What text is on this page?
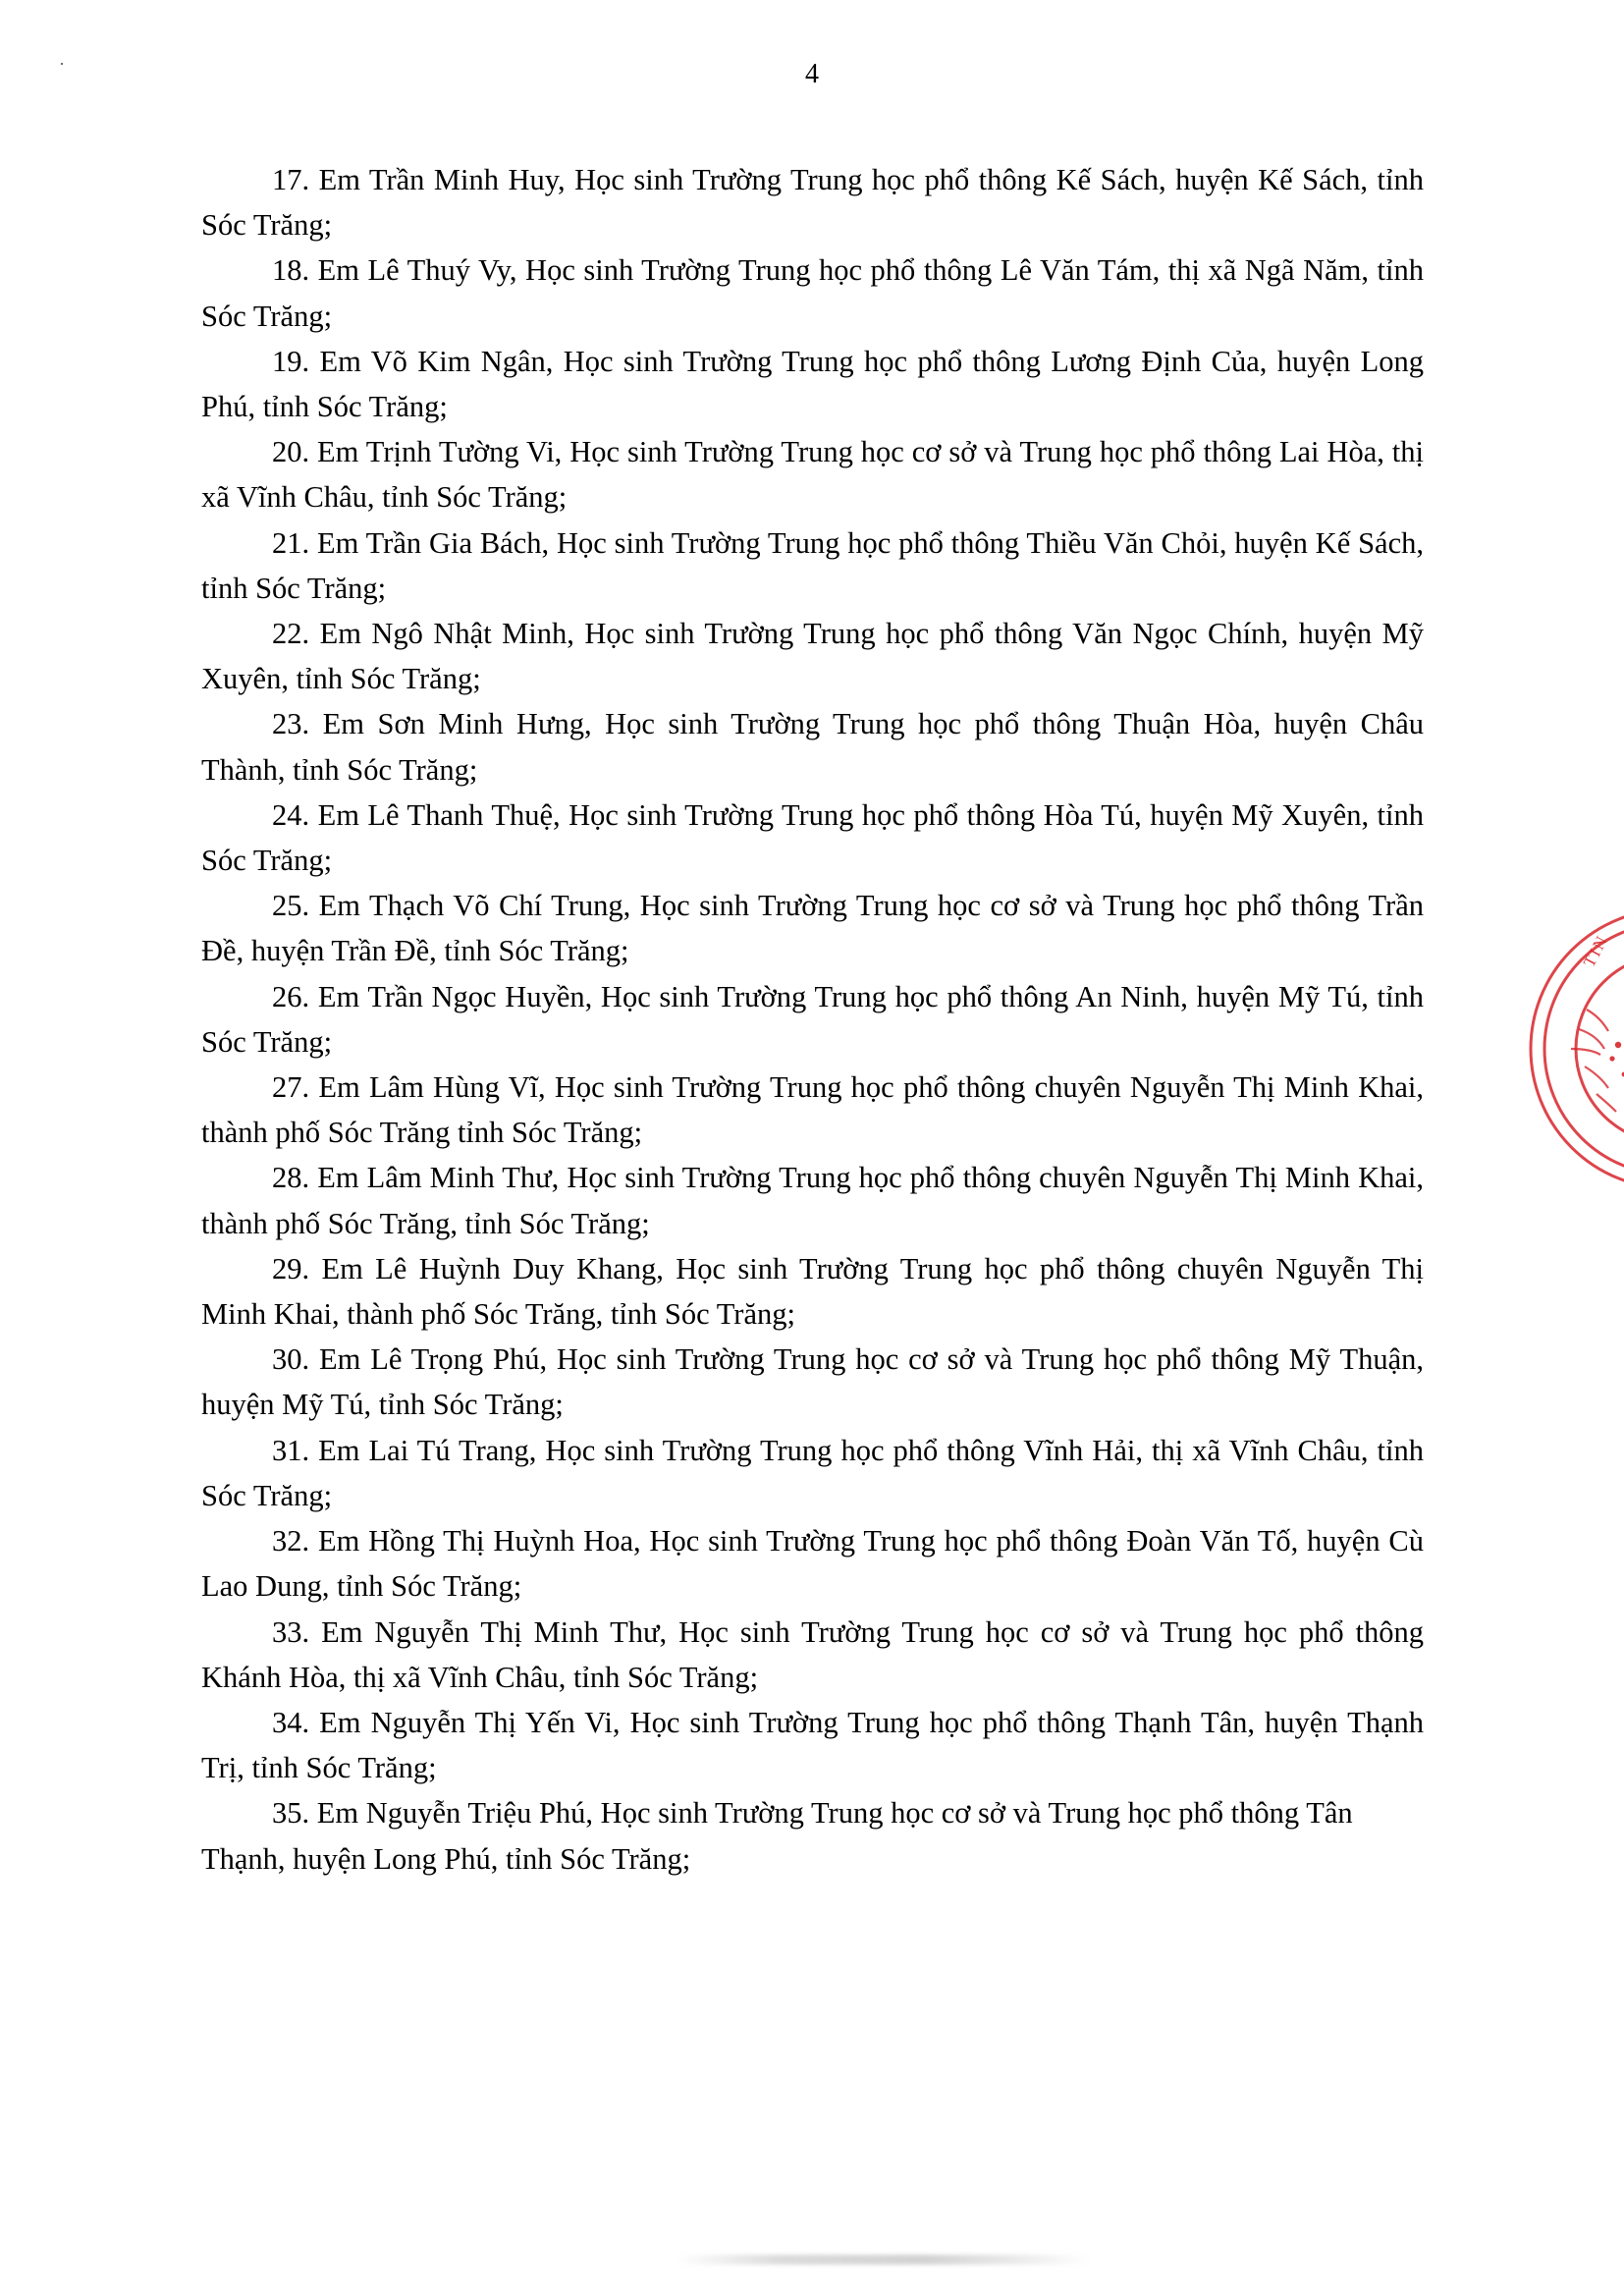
·	4

17. Em Trần Minh Huy, Học sinh Trường Trung học phổ thông Kế Sách, huyện Kế Sách, tỉnh Sóc Trăng;

18. Em Lê Thuý Vy, Học sinh Trường Trung học phổ thông Lê Văn Tám, thị xã Ngã Năm, tỉnh Sóc Trăng;

19. Em Võ Kim Ngân, Học sinh Trường Trung học phổ thông Lương Định Của, huyện Long Phú, tỉnh Sóc Trăng;

20. Em Trịnh Tường Vi, Học sinh Trường Trung học cơ sở và Trung học phổ thông Lai Hòa, thị xã Vĩnh Châu, tỉnh Sóc Trăng;

21. Em Trần Gia Bách, Học sinh Trường Trung học phổ thông Thiều Văn Chỏi, huyện Kế Sách, tỉnh Sóc Trăng;

22. Em Ngô Nhật Minh, Học sinh Trường Trung học phổ thông Văn Ngọc Chính, huyện Mỹ Xuyên, tỉnh Sóc Trăng;

23. Em Sơn Minh Hưng, Học sinh Trường Trung học phổ thông Thuận Hòa, huyện Châu Thành, tỉnh Sóc Trăng;

24. Em Lê Thanh Thuệ, Học sinh Trường Trung học phổ thông Hòa Tú, huyện Mỹ Xuyên, tỉnh Sóc Trăng;

25. Em Thạch Võ Chí Trung, Học sinh Trường Trung học cơ sở và Trung học phổ thông Trần Đề, huyện Trần Đề, tỉnh Sóc Trăng;

26. Em Trần Ngọc Huyền, Học sinh Trường Trung học phổ thông An Ninh, huyện Mỹ Tú, tỉnh Sóc Trăng;

27. Em Lâm Hùng Vĩ, Học sinh Trường Trung học phổ thông chuyên Nguyễn Thị Minh Khai, thành phố Sóc Trăng tỉnh Sóc Trăng;

28. Em Lâm Minh Thư, Học sinh Trường Trung học phổ thông chuyên Nguyễn Thị Minh Khai, thành phố Sóc Trăng, tỉnh Sóc Trăng;

29. Em Lê Huỳnh Duy Khang, Học sinh Trường Trung học phổ thông chuyên Nguyễn Thị Minh Khai, thành phố Sóc Trăng, tỉnh Sóc Trăng;

30. Em Lê Trọng Phú, Học sinh Trường Trung học cơ sở và Trung học phổ thông Mỹ Thuận, huyện Mỹ Tú, tỉnh Sóc Trăng;

31. Em Lai Tú Trang, Học sinh Trường Trung học phổ thông Vĩnh Hải, thị xã Vĩnh Châu, tỉnh Sóc Trăng;

32. Em Hồng Thị Huỳnh Hoa, Học sinh Trường Trung học phổ thông Đoàn Văn Tố, huyện Cù Lao Dung, tỉnh Sóc Trăng;

33. Em Nguyễn Thị Minh Thư, Học sinh Trường Trung học cơ sở và Trung học phổ thông Khánh Hòa, thị xã Vĩnh Châu, tỉnh Sóc Trăng;

34. Em Nguyễn Thị Yến Vi, Học sinh Trường Trung học phổ thông Thạnh Tân, huyện Thạnh Trị, tỉnh Sóc Trăng;

35. Em Nguyễn Triệu Phú, Học sinh Trường Trung học cơ sở và Trung học phổ thông Tân Thạnh, huyện Long Phú, tỉnh Sóc Trăng;

TIN
